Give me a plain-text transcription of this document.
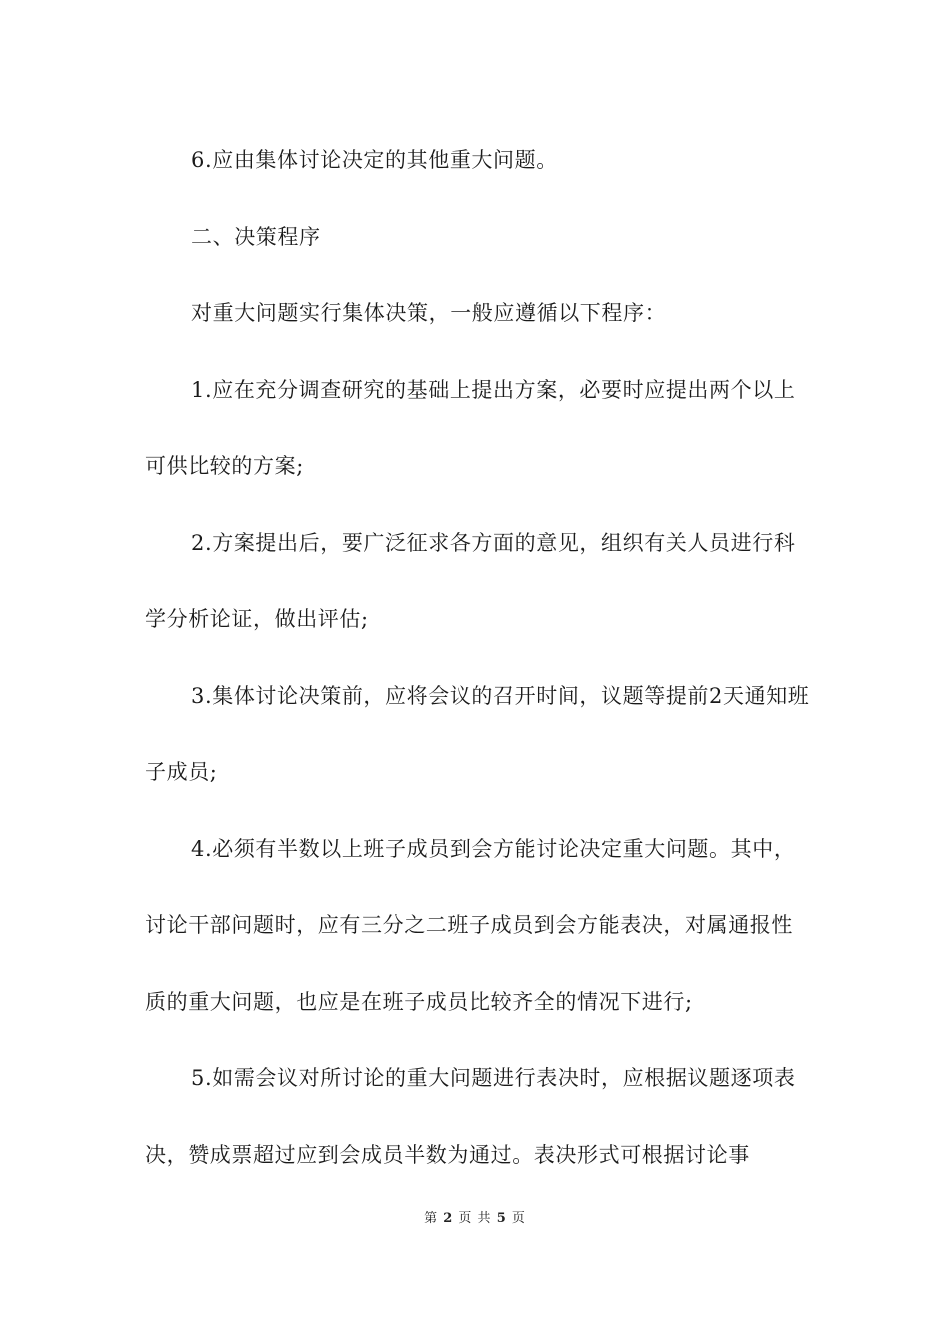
6.应由集体讨论决定的其他重大问题。

二、决策程序

对重大问题实行集体决策，一般应遵循以下程序：

1.应在充分调查研究的基础上提出方案，必要时应提出两个以上可供比较的方案;

2.方案提出后，要广泛征求各方面的意见，组织有关人员进行科学分析论证，做出评估;

3.集体讨论决策前，应将会议的召开时间，议题等提前2天通知班子成员;

4.必须有半数以上班子成员到会方能讨论决定重大问题。其中，讨论干部问题时，应有三分之二班子成员到会方能表决，对属通报性质的重大问题，也应是在班子成员比较齐全的情况下进行;

5.如需会议对所讨论的重大问题进行表决时，应根据议题逐项表决，赞成票超过应到会成员半数为通过。表决形式可根据讨论事

第 2 页 共 5 页
